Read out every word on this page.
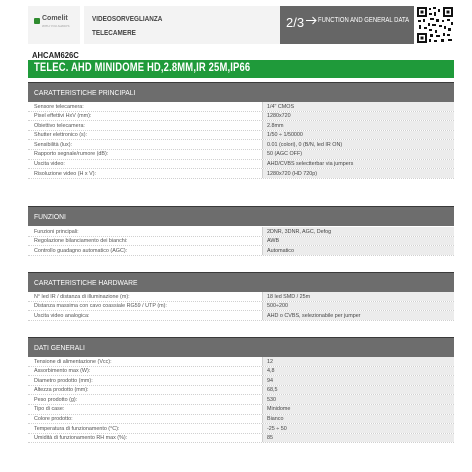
Comelit
WITH YOU ALWAYS
VIDEOSORVEGLIANZA
TELECAMERE
2/3 FUNCTION AND GENERAL DATA
AHCAM626C
TELEC. AHD MINIDOME HD,2.8MM,IR 25M,IP66
CARATTERISTICHE PRINCIPALI
Sensore telecamera:	1/4" CMOS
Pixel effettivi HxV (mm):	1280x720
Obiettivo telecamera:	2.8mm
Shutter elettronico (s):	1/50 ÷ 1/50000
Sensibilità (lux):	0.01 (colori), 0 (B/N, led IR ON)
Rapporto segnale/rumore (dB):	50 (AGC OFF)
Uscita video:	AHD/CVBS selectterbar via jumpers
Risoluzione video (H x V):	1280x720 (HD 720p)
FUNZIONI
Funzioni principali:	2DNR, 3DNR, AGC, Defog
Regolazione bilanciamento dei bianchi:	AWB
Controllo guadagno automatico (AGC):	Automatico
CARATTERISTICHE HARDWARE
N° led IR / distanza di illuminazione (m):	18 led SMD / 25m
Distanza massima con cavo coassiale RG59 / UTP (m):	500÷200
Uscita video analogica:	AHD o CVBS, selezionabile per jumper
DATI GENERALI
Tensione di alimentazione (Vcc):	12
Assorbimento max (W):	4,8
Diametro prodotto (mm):	94
Altezza prodotto (mm):	68,5
Peso prodotto (g):	530
Tipo di case:	Minidome
Colore prodotto:	Bianco
Temperatura di funzionamento (°C):	-25 ÷ 50
Umidità di funzionamento RH max (%):	85
